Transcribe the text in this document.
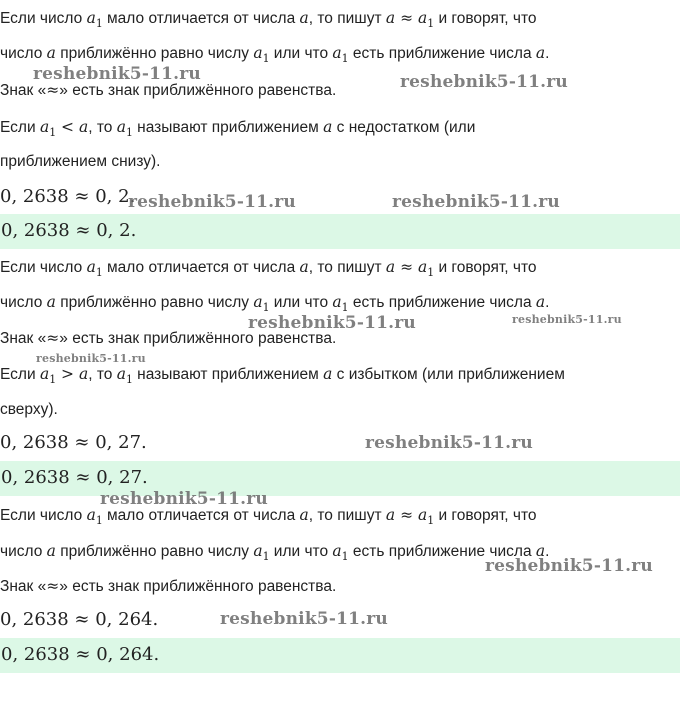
Если число $a_1$ мало отличается от числа a, то пишут $a \approx a_1$ и говорят, что
число a приближённо равно числу $a_1$ или что $a_1$ есть приближение числа a.
Знак «≈» есть знак приближённого равенства.
Если $a_1 < a$, то $a_1$ называют приближением a с недостатком (или
приближением снизу).
0, 2638 ≈ 0, 2.
0, 2638 ≈ 0, 2.
Если число $a_1$ мало отличается от числа a, то пишут $a \approx a_1$ и говорят, что
число a приближённо равно числу $a_1$ или что $a_1$ есть приближение числа a.
Знак «≈» есть знак приближённого равенства.
Если $a_1 > a$, то $a_1$ называют приближением a с избытком (или приближением
сверху).
0, 2638 ≈ 0, 27.
0, 2638 ≈ 0, 27.
Если число $a_1$ мало отличается от числа a, то пишут $a \approx a_1$ и говорят, что
число a приближённо равно числу $a_1$ или что $a_1$ есть приближение числа a.
Знак «≈» есть знак приближённого равенства.
0, 2638 ≈ 0, 264.
0, 2638 ≈ 0, 264.
reshebnik5-11.ru	reshebnik5-11.ru
reshebnik5-11.ru	reshebnik5-11.ru
reshebnik5-11.ru	reshebnik5-11.ru
reshebnik5-11.ru
reshebnik5-11.ru
reshebnik5-11.ru
reshebnik5-11.ru
reshebnik5-11.ru
